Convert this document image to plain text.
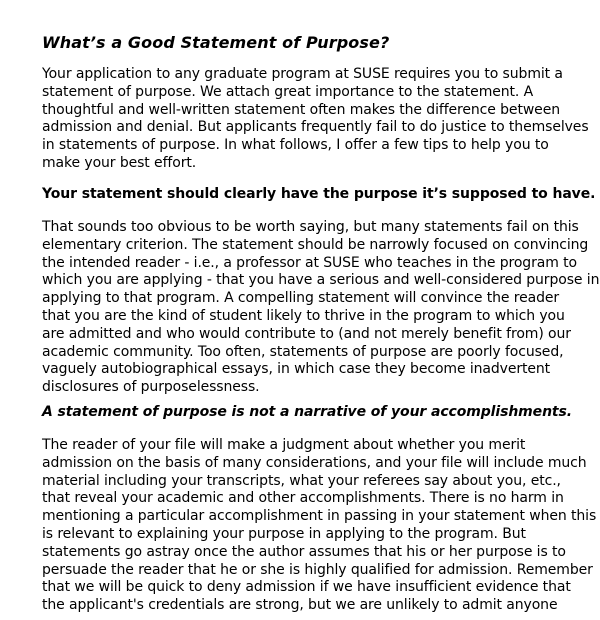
What’s a Good Statement of Purpose?
Your application to any graduate program at SUSE requires you to submit a
statement of purpose. We attach great importance to the statement. A
thoughtful and well-written statement often makes the difference between
admission and denial. But applicants frequently fail to do justice to themselves
in statements of purpose. In what follows, I offer a few tips to help you to
make your best effort.
Your statement should clearly have the purpose it’s supposed to have.
That sounds too obvious to be worth saying, but many statements fail on this
elementary criterion. The statement should be narrowly focused on convincing
the intended reader - i.e., a professor at SUSE who teaches in the program to
which you are applying - that you have a serious and well-considered purpose in
applying to that program. A compelling statement will convince the reader
that you are the kind of student likely to thrive in the program to which you
are admitted and who would contribute to (and not merely benefit from) our
academic community. Too often, statements of purpose are poorly focused,
vaguely autobiographical essays, in which case they become inadvertent
disclosures of purposelessness.
A statement of purpose is not a narrative of your accomplishments.
The reader of your file will make a judgment about whether you merit
admission on the basis of many considerations, and your file will include much
material including your transcripts, what your referees say about you, etc.,
that reveal your academic and other accomplishments. There is no harm in
mentioning a particular accomplishment in passing in your statement when this
is relevant to explaining your purpose in applying to the program. But
statements go astray once the author assumes that his or her purpose is to
persuade the reader that he or she is highly qualified for admission. Remember
that we will be quick to deny admission if we have insufficient evidence that
the applicant's credentials are strong, but we are unlikely to admit anyone
